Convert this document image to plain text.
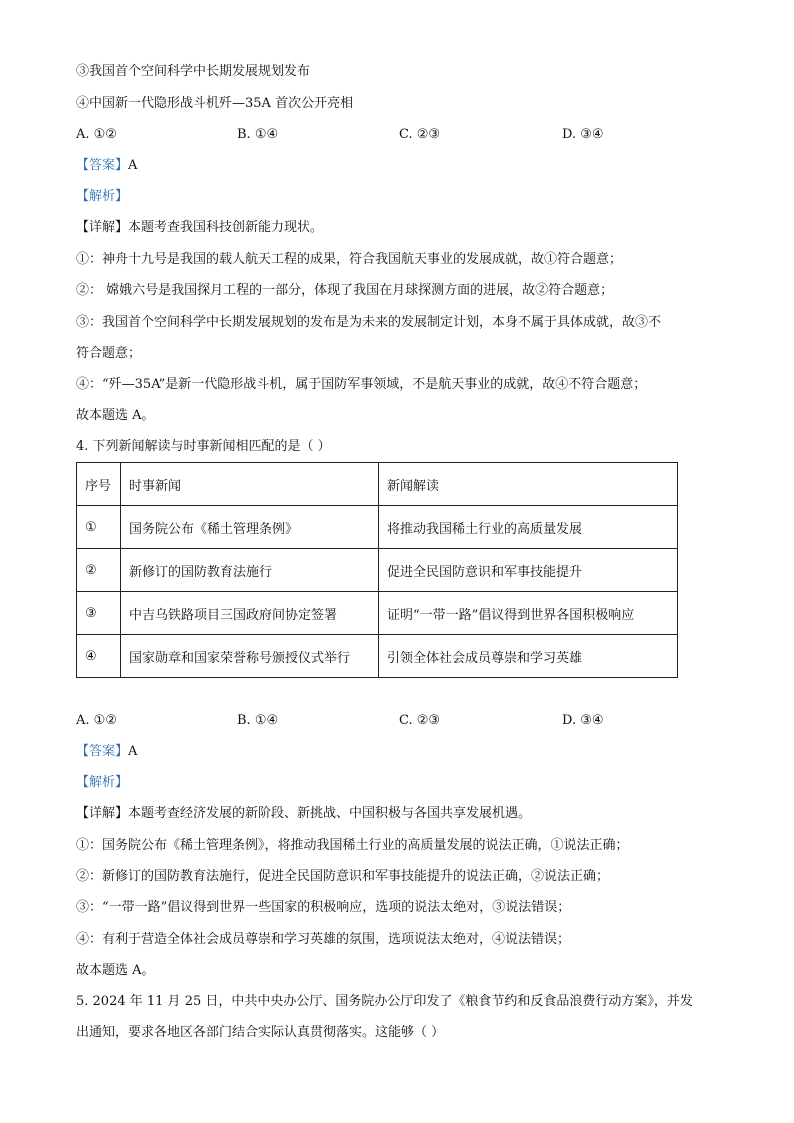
③我国首个空间科学中长期发展规划发布
④中国新一代隐形战斗机歼—35A 首次公开亮相
A. ①②	B. ①④	C. ②③	D. ③④
【答案】A
【解析】
【详解】本题考查我国科技创新能力现状。
①：神舟十九号是我国的载人航天工程的成果，符合我国航天事业的发展成就，故①符合题意；
②： 嫦娥六号是我国探月工程的一部分，体现了我国在月球探测方面的进展，故②符合题意；
③：我国首个空间科学中长期发展规划的发布是为未来的发展制定计划，本身不属于具体成就，故③不
符合题意；
④：“歼—35A”是新一代隐形战斗机，属于国防军事领域，不是航天事业的成就，故④不符合题意；
故本题选 A。
4. 下列新闻解读与时事新闻相匹配的是（ ）
序号	时事新闻	新闻解读
①	国务院公布《稀土管理条例》	将推动我国稀土行业的高质量发展
②	新修订的国防教育法施行	促进全民国防意识和军事技能提升
③	中吉乌铁路项目三国政府间协定签署	证明“一带一路”倡议得到世界各国积极响应
④	国家勋章和国家荣誉称号颁授仪式举行	引领全体社会成员尊崇和学习英雄
A. ①②	B. ①④	C. ②③	D. ③④
【答案】A
【解析】
【详解】本题考查经济发展的新阶段、新挑战、中国积极与各国共享发展机遇。
①：国务院公布《稀土管理条例》，将推动我国稀土行业的高质量发展的说法正确，①说法正确；
②：新修订的国防教育法施行，促进全民国防意识和军事技能提升的说法正确，②说法正确；
③：“一带一路”倡议得到世界一些国家的积极响应，选项的说法太绝对，③说法错误；
④：有利于营造全体社会成员尊崇和学习英雄的氛围，选项说法太绝对，④说法错误；
故本题选 A。
5. 2024 年 11 月 25 日，中共中央办公厅、国务院办公厅印发了《粮食节约和反食品浪费行动方案》，并发
出通知，要求各地区各部门结合实际认真贯彻落实。这能够（ ）
